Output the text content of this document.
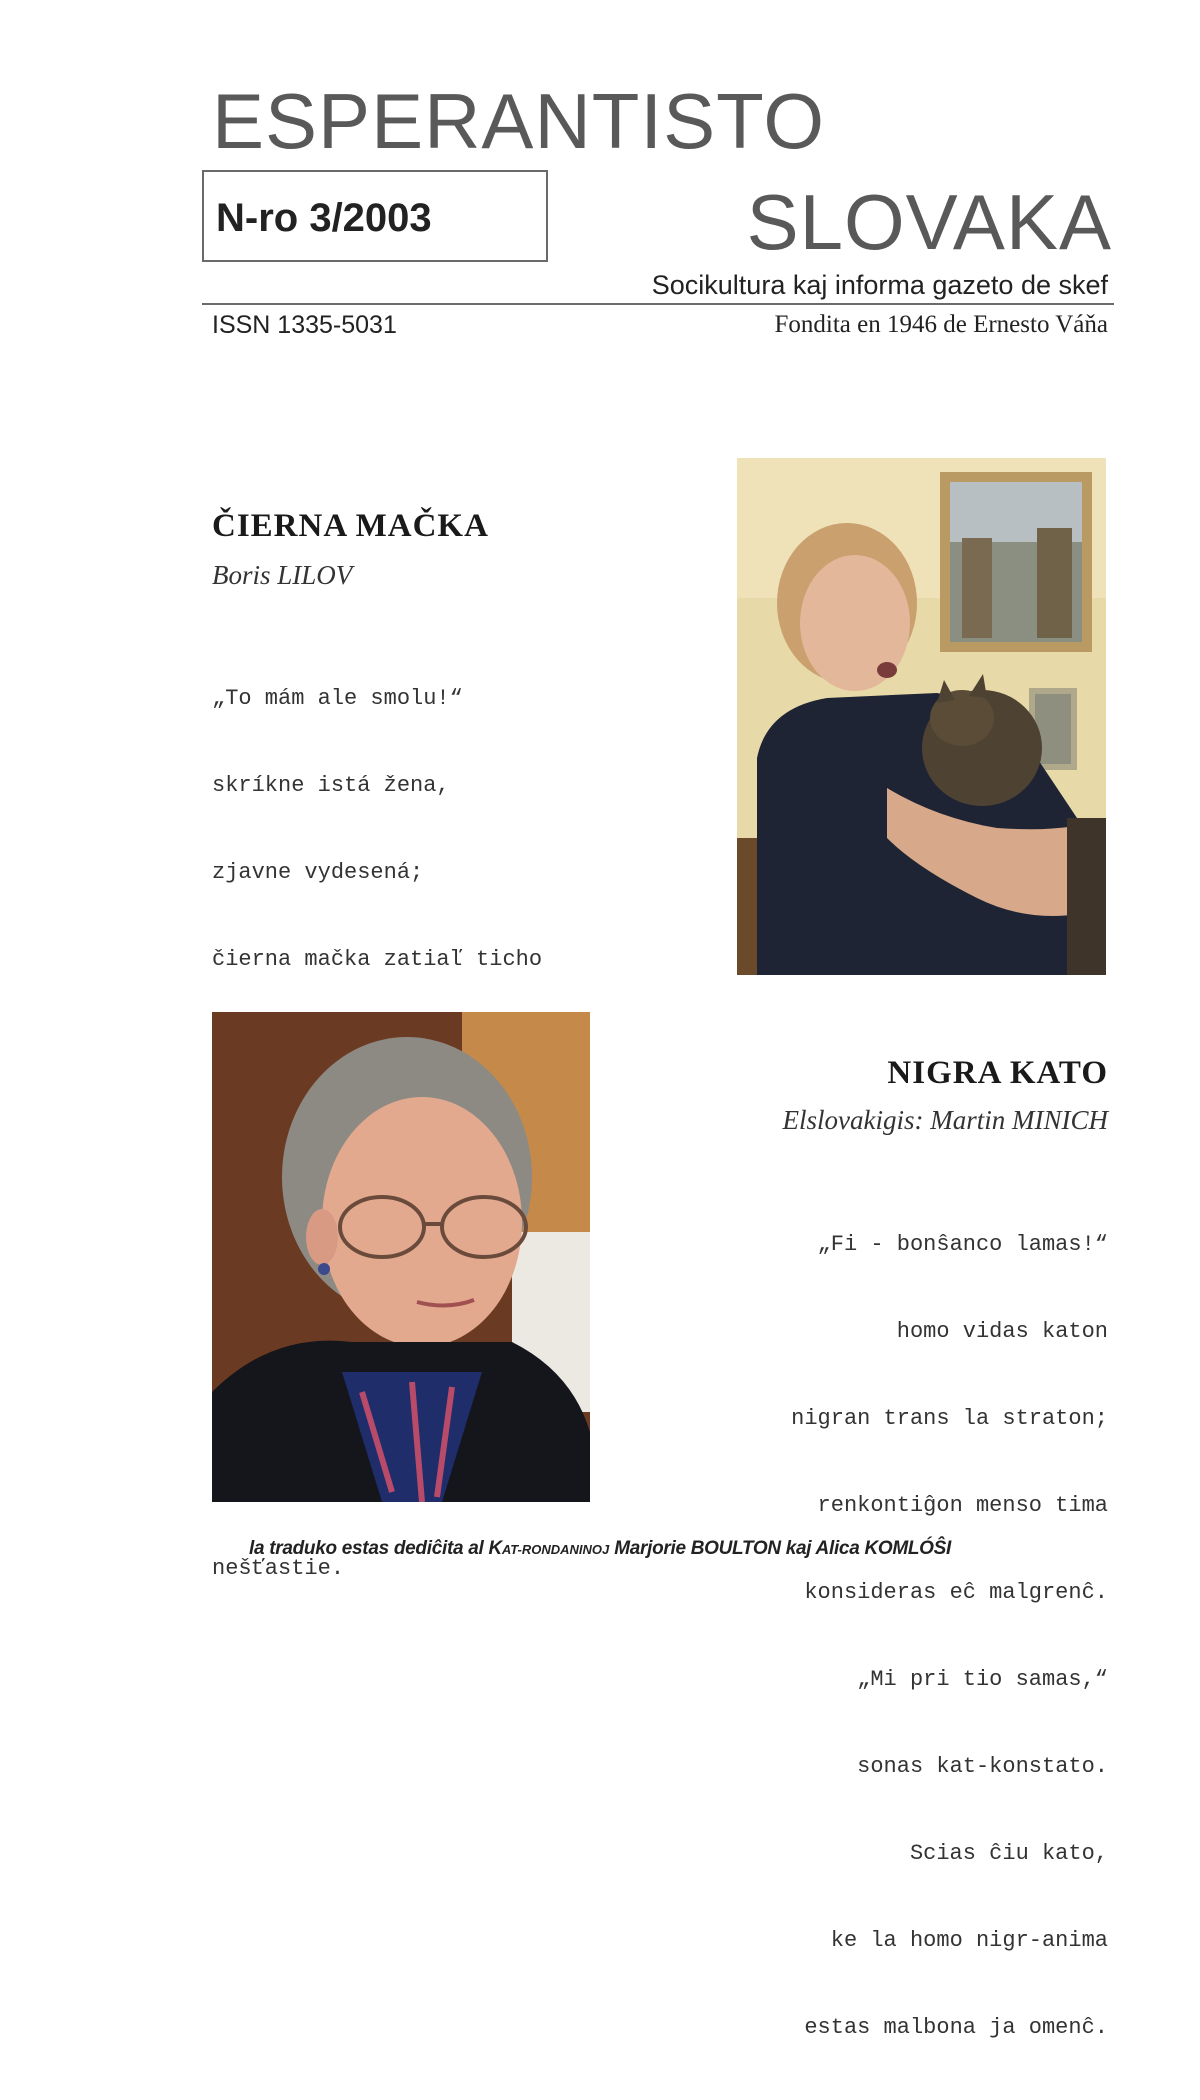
ESPERANTISTO
N-ro 3/2003	SLOVAKA
Socikultura kaj informa gazeto de skef
ISSN 1335-5031	Fondita en 1946 de Ernesto Váňa
ČIERNA MAČKA
Boris LILOV

„To mám ale smolu!“

skríkne istá žena,

zjavne vydesená;

čierna mačka zatiaľ ticho

nešťastie.

NIGRA KATO
Elslovakigis: Martin MINICH

„Fi - bonŝanco lamas!“

homo vidas katon

nigran trans la straton;

renkontiĝon menso tima

konsideras eĉ malgrenĉ.

„Mi pri tio samas,“

sonas kat-konstato.

Scias ĉiu kato,

ke la homo nigr-anima

estas malbona ja omenĉ.

la traduko estas dediĉita al KAT-RONDANINOJ Marjorie BOULTON kaj Alica KOMLÓŜI
